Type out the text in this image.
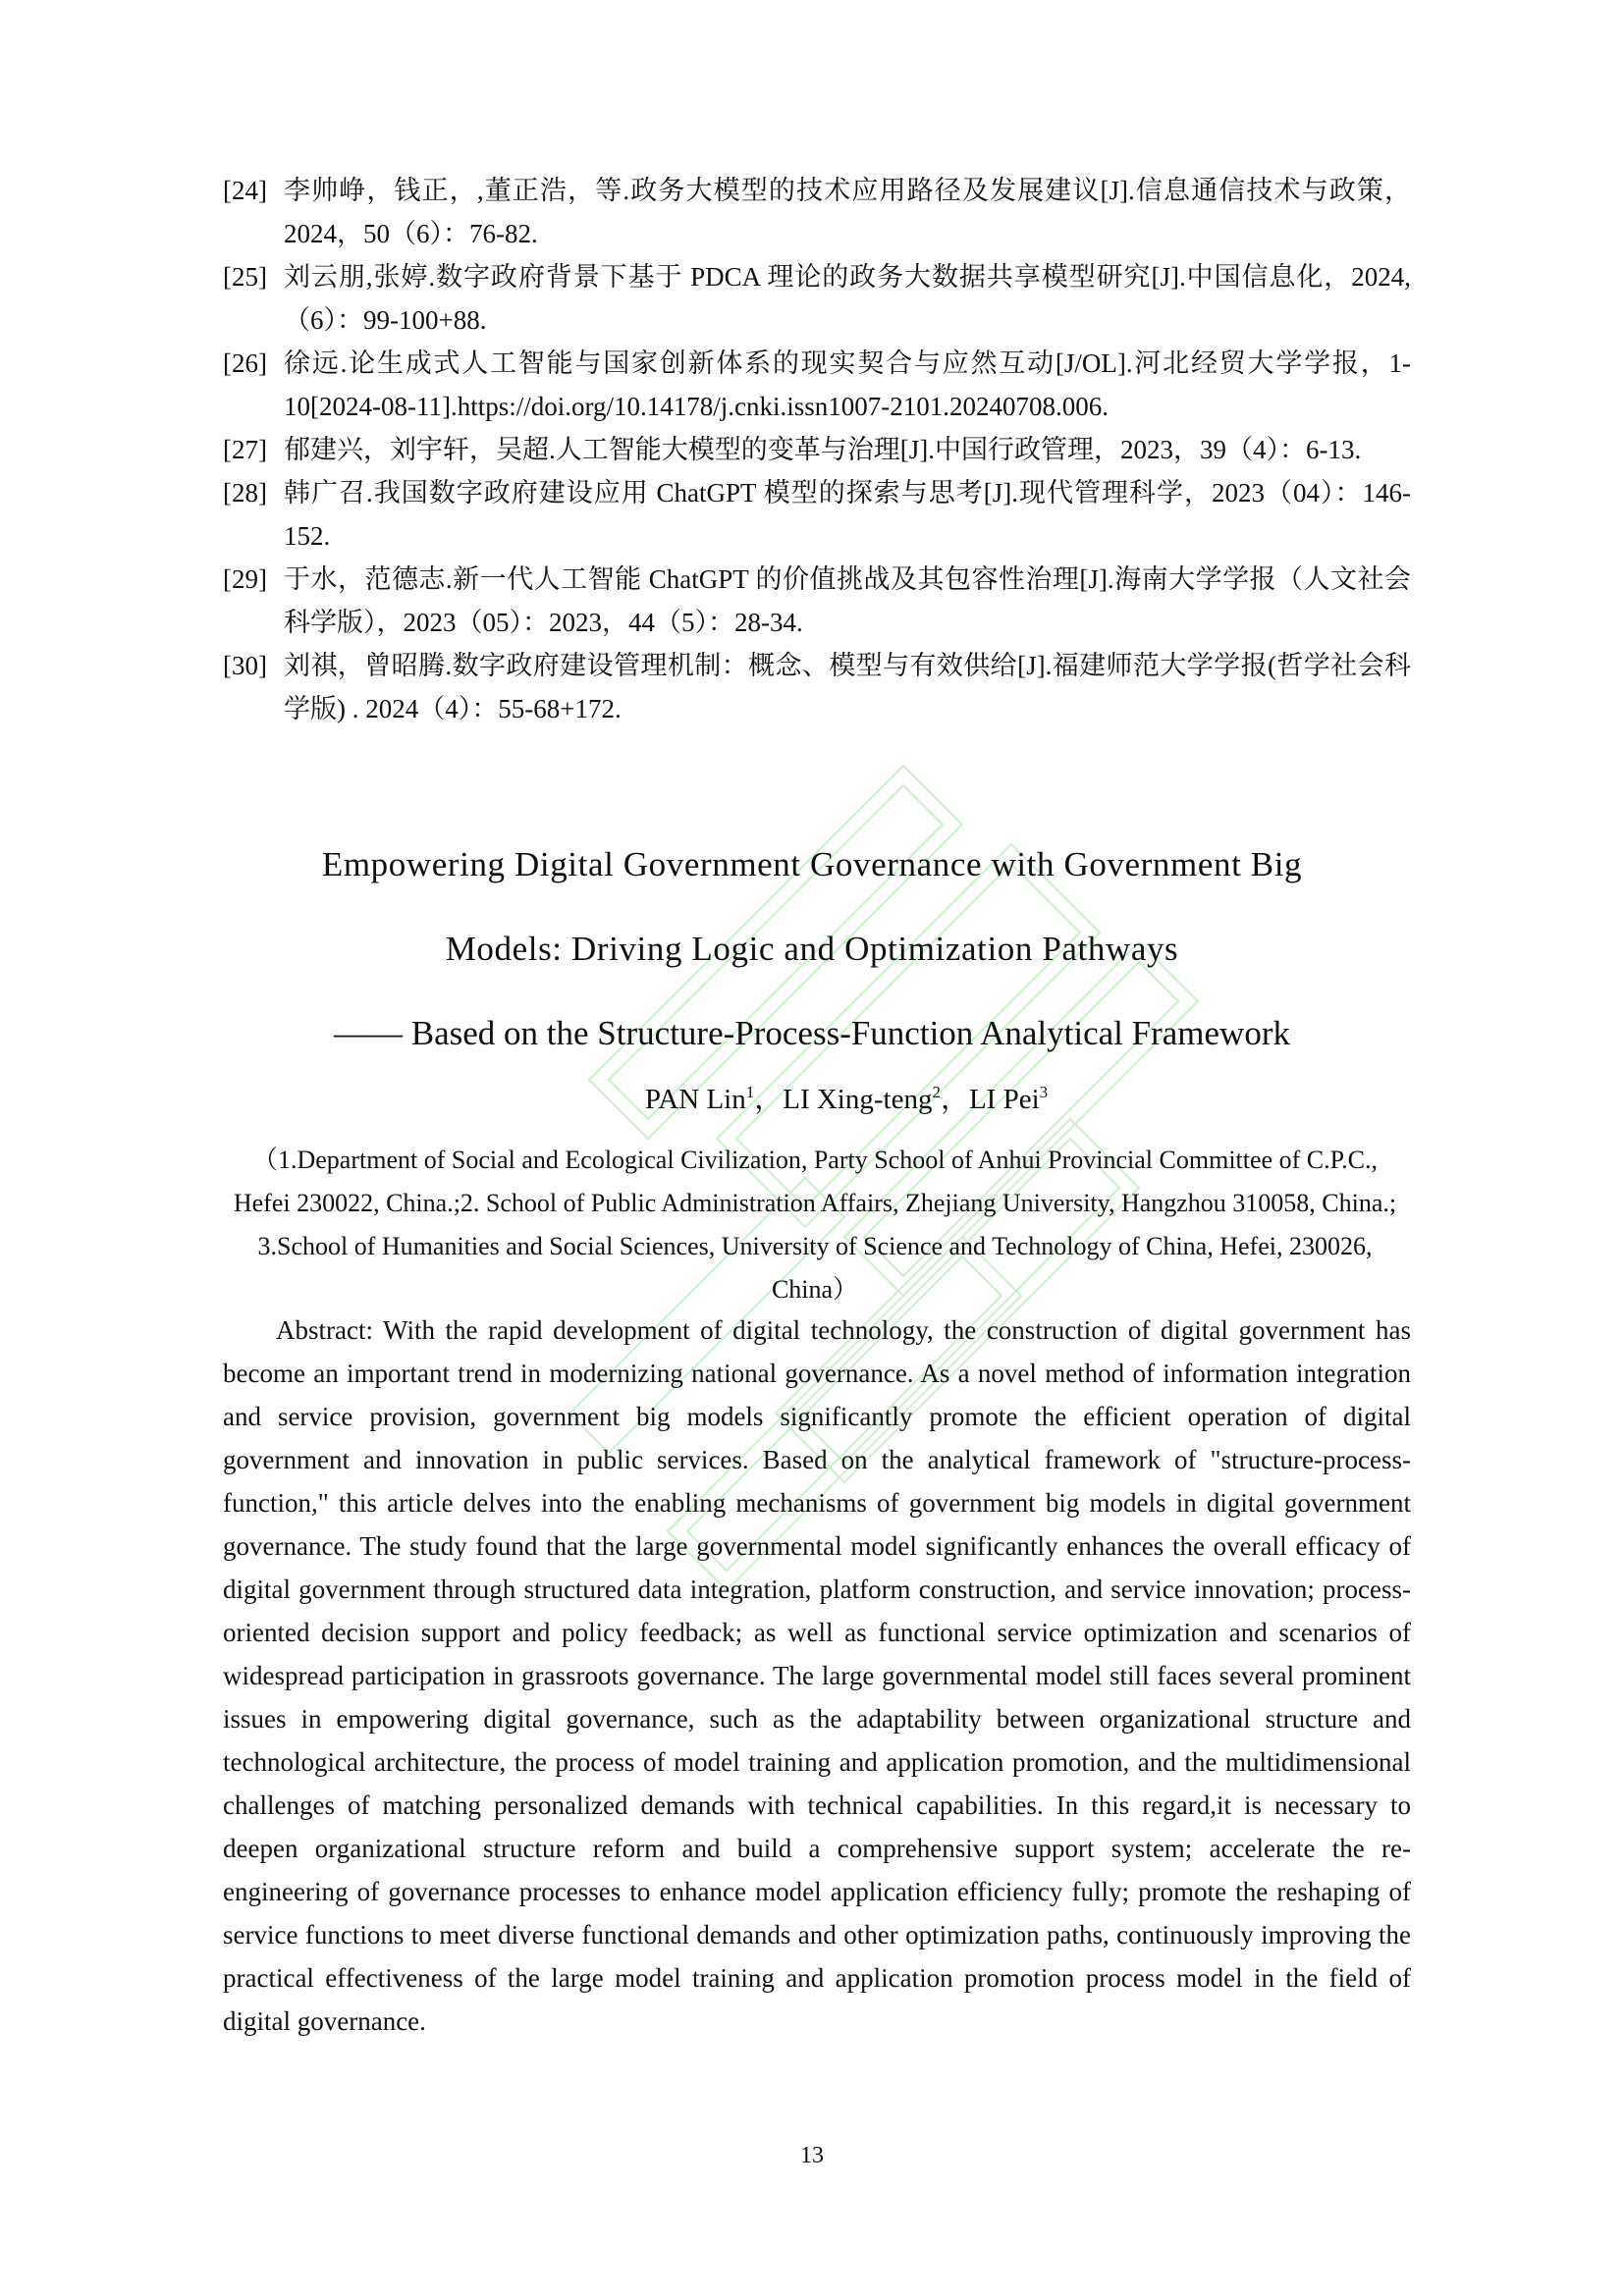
[24] 李帅峥，钱正，,董正浩，等.政务大模型的技术应用路径及发展建议[J].信息通信技术与政策，2024，50（6）：76-82.
[25] 刘云朋,张婷.数字政府背景下基于 PDCA 理论的政务大数据共享模型研究[J].中国信息化，2024,（6）：99-100+88.
[26] 徐远.论生成式人工智能与国家创新体系的现实契合与应然互动[J/OL].河北经贸大学学报，1-10[2024-08-11].https://doi.org/10.14178/j.cnki.issn1007-2101.20240708.006.
[27] 郁建兴，刘宇轩，吴超.人工智能大模型的变革与治理[J].中国行政管理，2023，39（4）：6-13.
[28] 韩广召.我国数字政府建设应用 ChatGPT 模型的探索与思考[J].现代管理科学，2023（04）：146-152.
[29] 于水，范德志.新一代人工智能 ChatGPT 的价值挑战及其包容性治理[J].海南大学学报（人文社会科学版），2023（05）：2023，44（5）：28-34.
[30] 刘祺，曾昭腾.数字政府建设管理机制：概念、模型与有效供给[J].福建师范大学学报(哲学社会科学版) . 2024（4）：55-68+172.
Empowering Digital Government Governance with Government Big
Models: Driving Logic and Optimization Pathways
—— Based on the Structure-Process-Function Analytical Framework
PAN Lin$^1$，LI Xing-teng$^2$，LI Pei$^3$
（1.Department of Social and Ecological Civilization, Party School of Anhui Provincial Committee of C.P.C., Hefei 230022, China.;2. School of Public Administration Affairs, Zhejiang University, Hangzhou 310058, China.; 3.School of Humanities and Social Sciences, University of Science and Technology of China, Hefei, 230026, China）

Abstract: With the rapid development of digital technology, the construction of digital government has become an important trend in modernizing national governance. As a novel method of information integration and service provision, government big models significantly promote the efficient operation of digital government and innovation in public services. Based on the analytical framework of "structure-process-function," this article delves into the enabling mechanisms of government big models in digital government governance. The study found that the large governmental model significantly enhances the overall efficacy of digital government through structured data integration, platform construction, and service innovation; process-oriented decision support and policy feedback; as well as functional service optimization and scenarios of widespread participation in grassroots governance. The large governmental model still faces several prominent issues in empowering digital governance, such as the adaptability between organizational structure and technological architecture, the process of model training and application promotion, and the multidimensional challenges of matching personalized demands with technical capabilities. In this regard,it is necessary to deepen organizational structure reform and build a comprehensive support system; accelerate the re-engineering of governance processes to enhance model application efficiency fully; promote the reshaping of service functions to meet diverse functional demands and other optimization paths, continuously improving the practical effectiveness of the large model training and application promotion process model in the field of digital governance.

13
